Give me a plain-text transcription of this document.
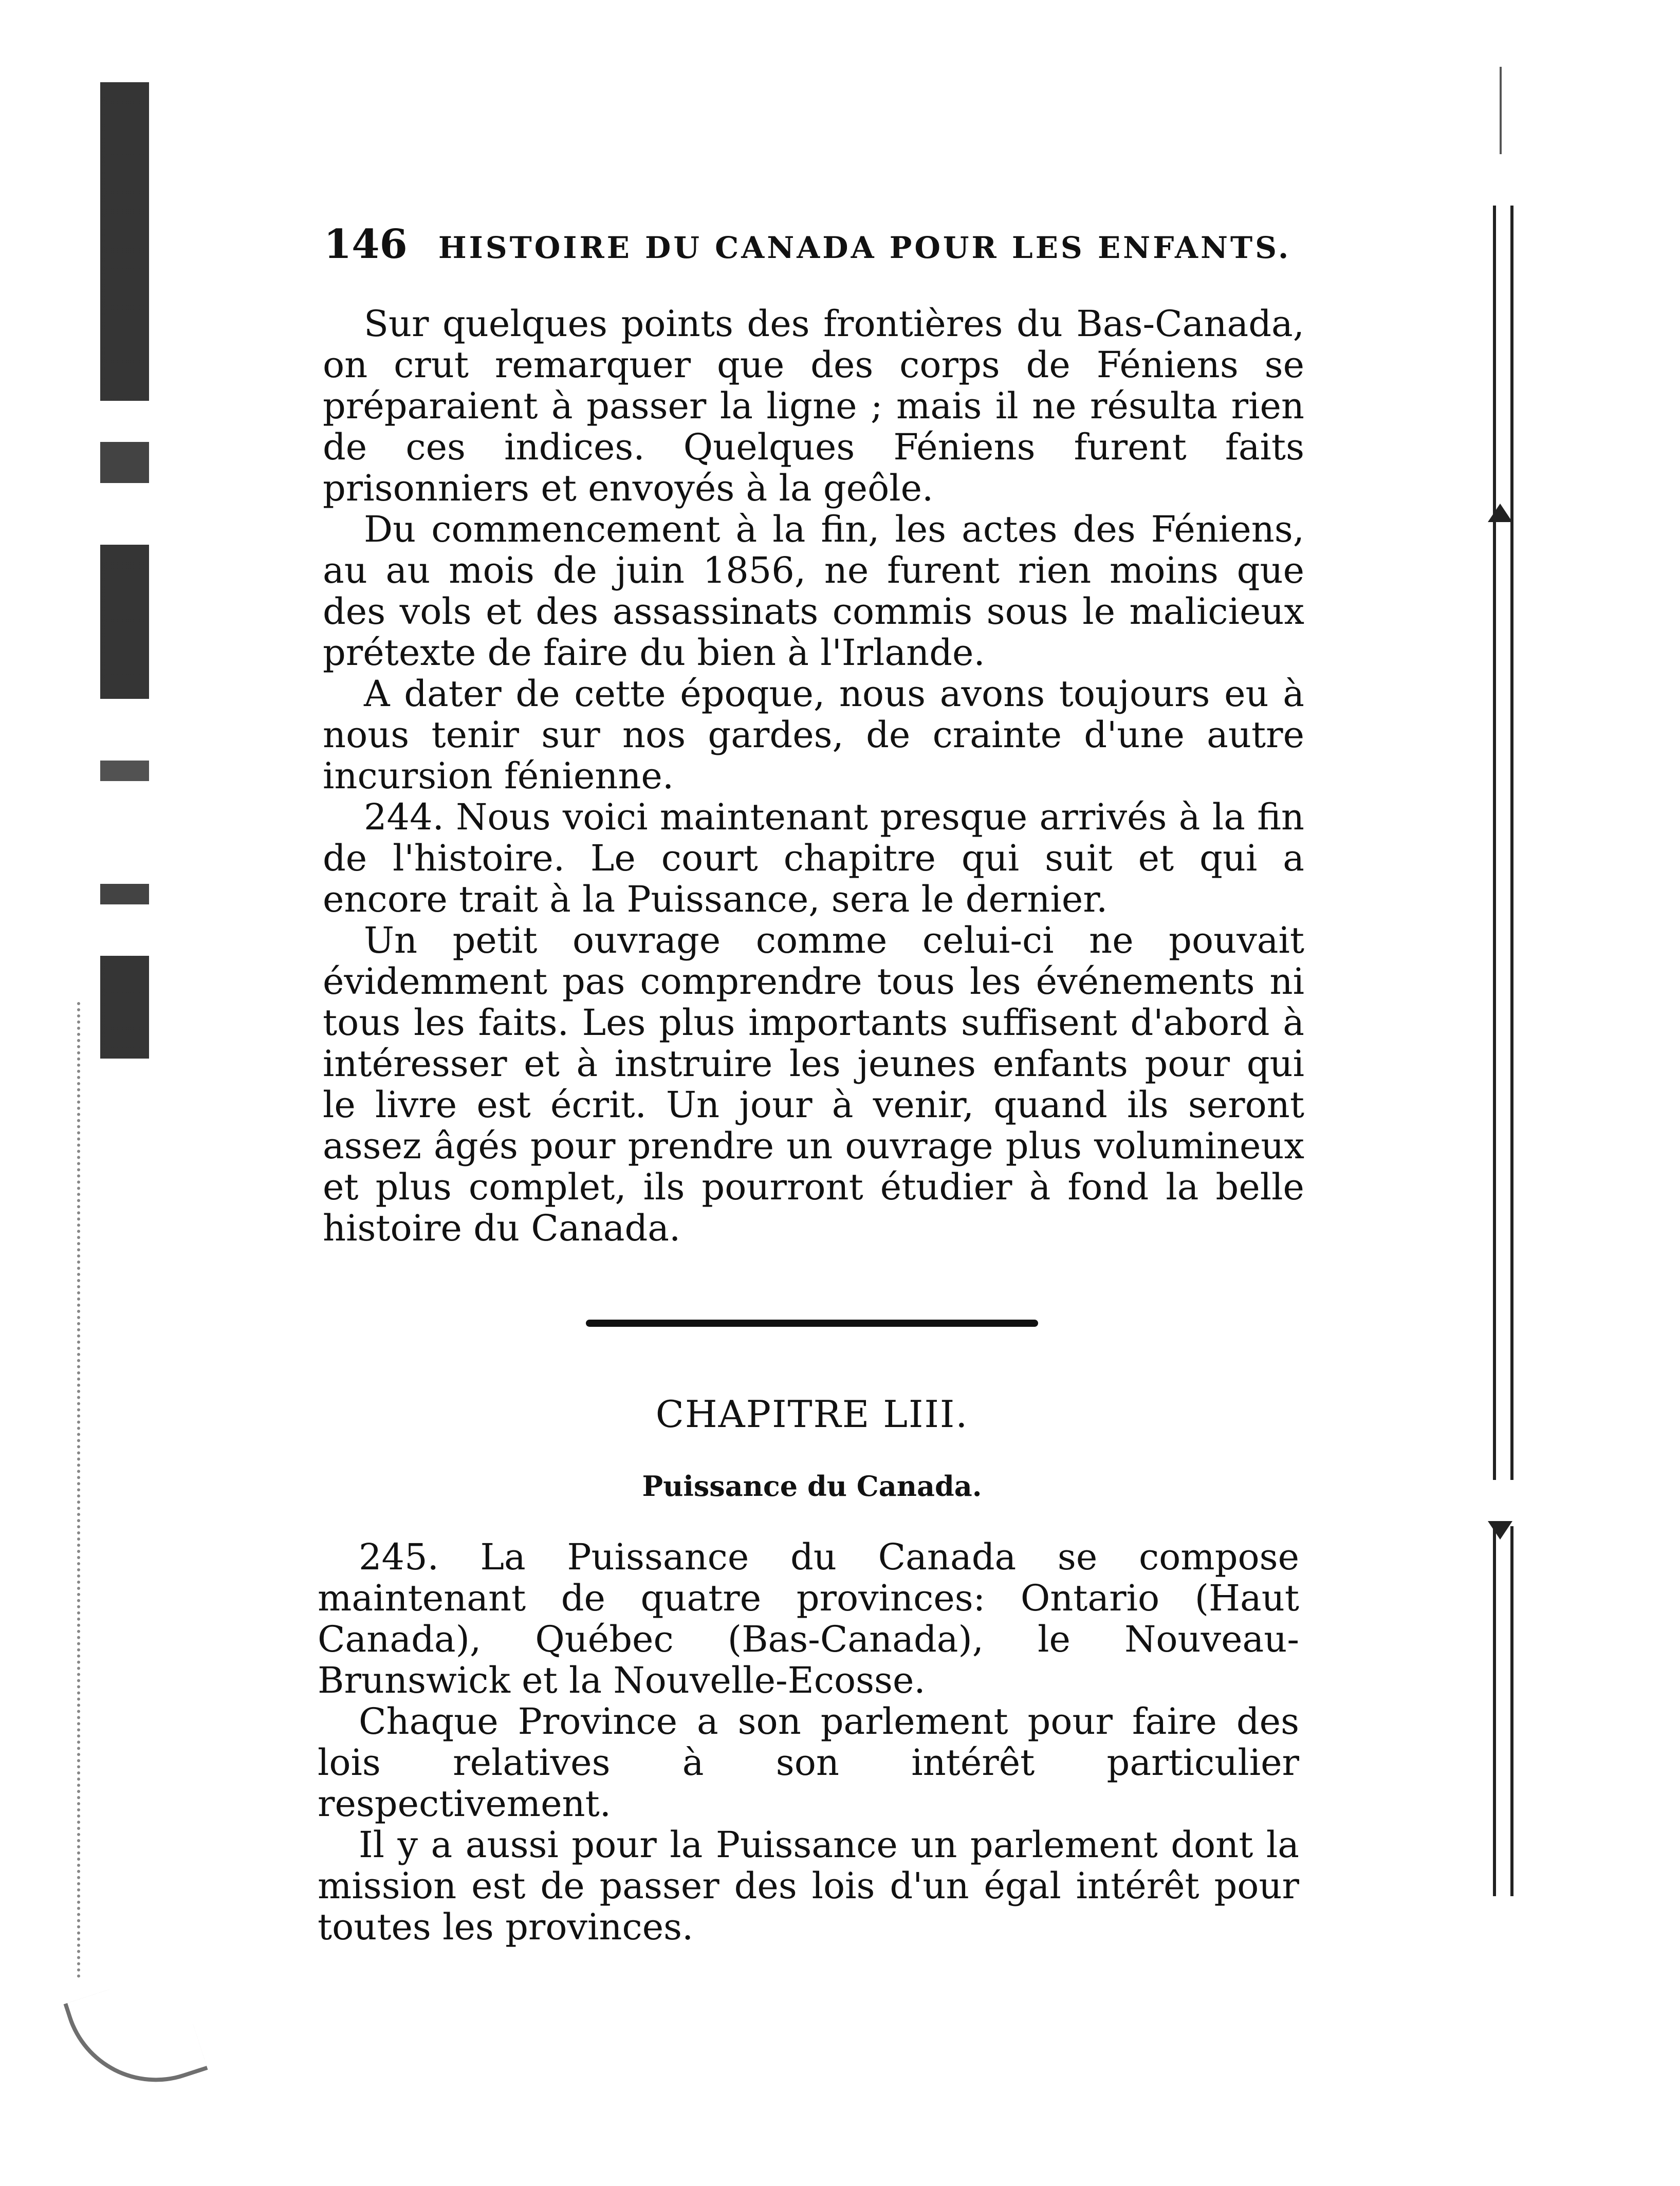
146 HISTOIRE DU CANADA POUR LES ENFANTS.

Sur quelques points des frontières du Bas-Canada, on crut remarquer que des corps de Féniens se préparaient à passer la ligne ; mais il ne résulta rien de ces indices. Quelques Féniens furent faits prisonniers et envoyés à la geôle.

Du commencement à la fin, les actes des Féniens, au au mois de juin 1856, ne furent rien moins que des vols et des assassinats commis sous le malicieux prétexte de faire du bien à l'Irlande.

A dater de cette époque, nous avons toujours eu à nous tenir sur nos gardes, de crainte d'une autre incursion fénienne.

244. Nous voici maintenant presque arrivés à la fin de l'histoire. Le court chapitre qui suit et qui a encore trait à la Puissance, sera le dernier.

Un petit ouvrage comme celui-ci ne pouvait évidemment pas comprendre tous les événements ni tous les faits. Les plus importants suffisent d'abord à intéresser et à instruire les jeunes enfants pour qui le livre est écrit. Un jour à venir, quand ils seront assez âgés pour prendre un ouvrage plus volumineux et plus complet, ils pourront étudier à fond la belle histoire du Canada.

CHAPITRE LIII.
Puissance du Canada.

245. La Puissance du Canada se compose maintenant de quatre provinces: Ontario (Haut Canada), Québec (Bas-Canada), le Nouveau-Brunswick et la Nouvelle-Ecosse.

Chaque Province a son parlement pour faire des lois relatives à son intérêt particulier respectivement.

Il y a aussi pour la Puissance un parlement dont la mission est de passer des lois d'un égal intérêt pour toutes les provinces.
